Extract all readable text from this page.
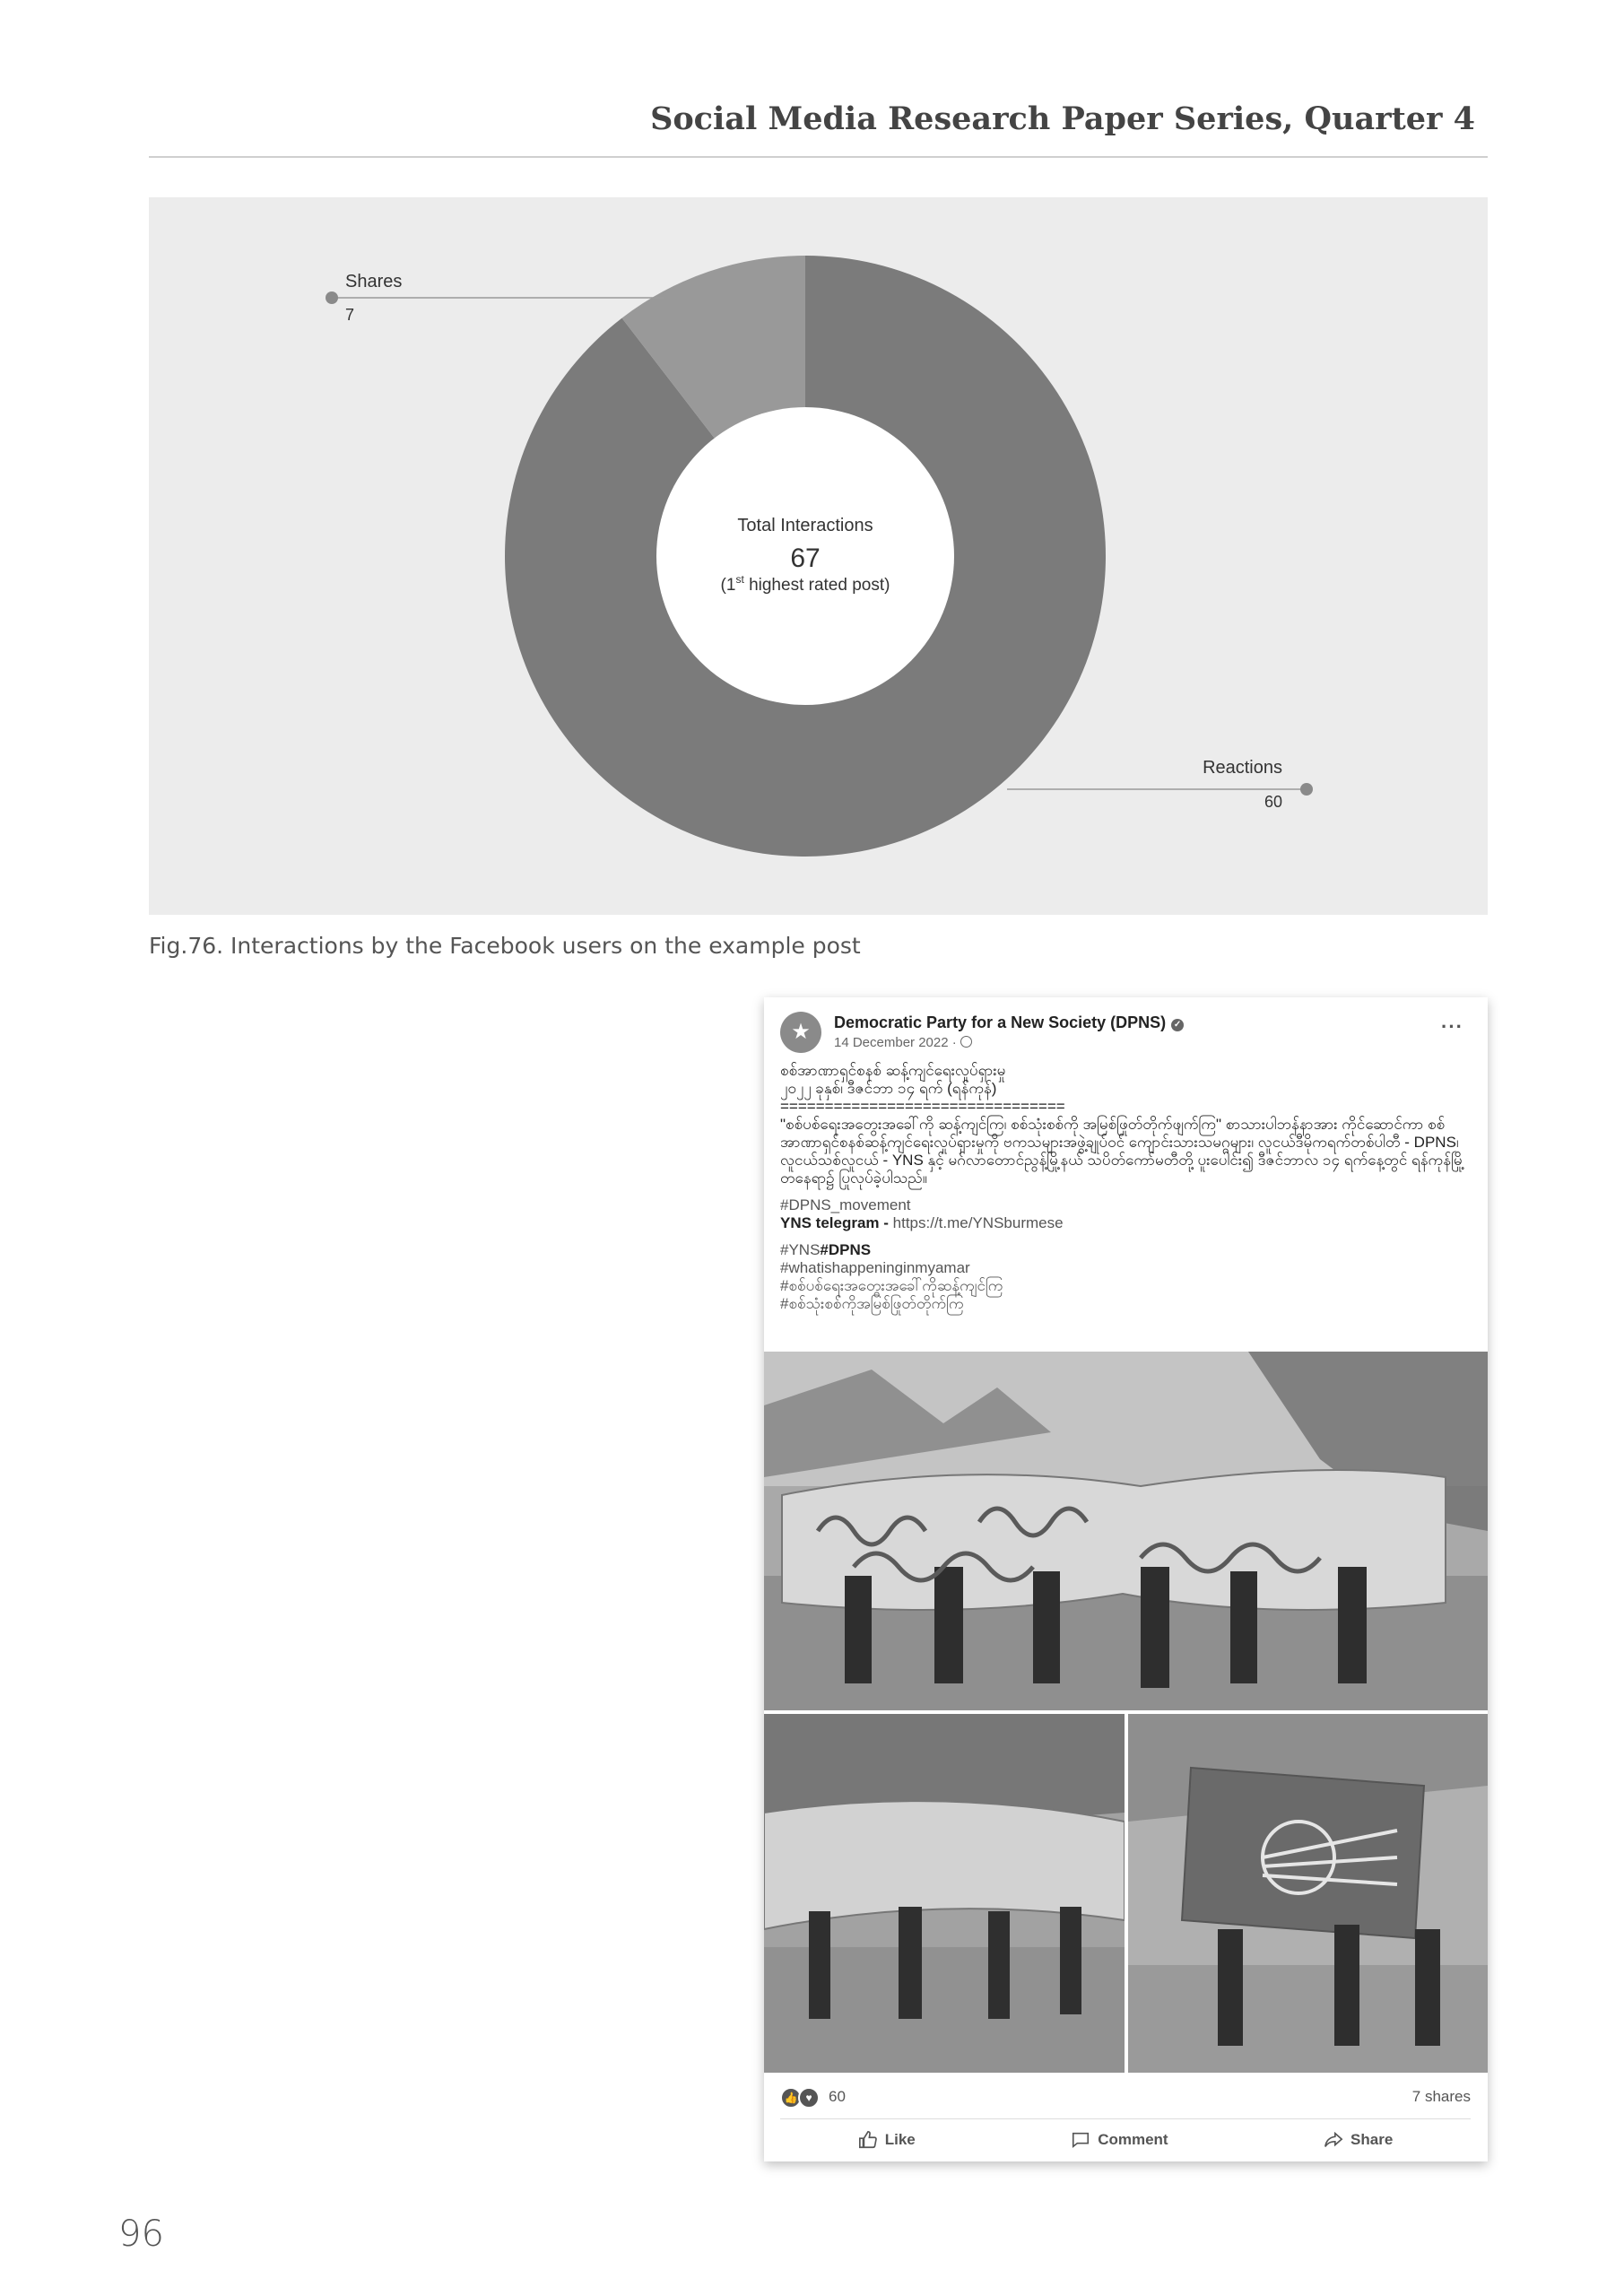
Social Media Research Paper Series, Quarter 4
Shares
7
Reactions
60
Total Interactions
67
(1st highest rated post)

Fig.76. Interactions by the Facebook users on the example post

★	Democratic Party for a New Society (DPNS) ✓

14 December 2022 ·
···

စစ်အာဏာရှင်စနစ် ဆန့်ကျင်ရေးလှုပ်ရှားမှု

၂၀၂၂ ခုနှစ်၊ ဒီဇင်ဘာ ၁၄ ရက် (ရန်ကုန်)

================================

"စစ်ပစ်ရေးအတွေးအခေါ်ကို ဆန့်ကျင်ကြ၊ စစ်သုံးစစ်ကို အမြစ်ဖြုတ်တိုက်ဖျက်ကြ" စာသားပါဘန်နာအား ကိုင်ဆောင်ကာ စစ်အာဏာရှင်စနစ်ဆန့်ကျင်ရေးလှုပ်ရှားမှုကို ဗကသများအဖွဲ့ချုပ်ဝင် ကျောင်းသားသမဂ္ဂများ၊ လူငယ်ဒီမိုကရက်တစ်ပါတီ - DPNS၊ လူငယ်သစ်လူငယ် - YNS နှင့် မဂ်လာတောင်ညွန့်မြို့နယ် သပိတ်ကော်မတီတို့ ပူးပေါင်း၍ ဒီဇင်ဘာလ ၁၄ ရက်နေ့တွင် ရန်ကုန်မြို့တနေရာ၌ ပြုလုပ်ခဲ့ပါသည်။

#DPNS_movement

YNS telegram - https://t.me/YNSburmese

#YNS#DPNS

#whatishappeninginmyamar

#စစ်ပစ်ရေးအတွေးအခေါ်ကိုဆန့်ကျင်ကြ

#စစ်သုံးစစ်ကိုအမြစ်ဖြုတ်တိုက်ကြ

👍 ♥ 60	7 shares
Like	Comment	Share

96
